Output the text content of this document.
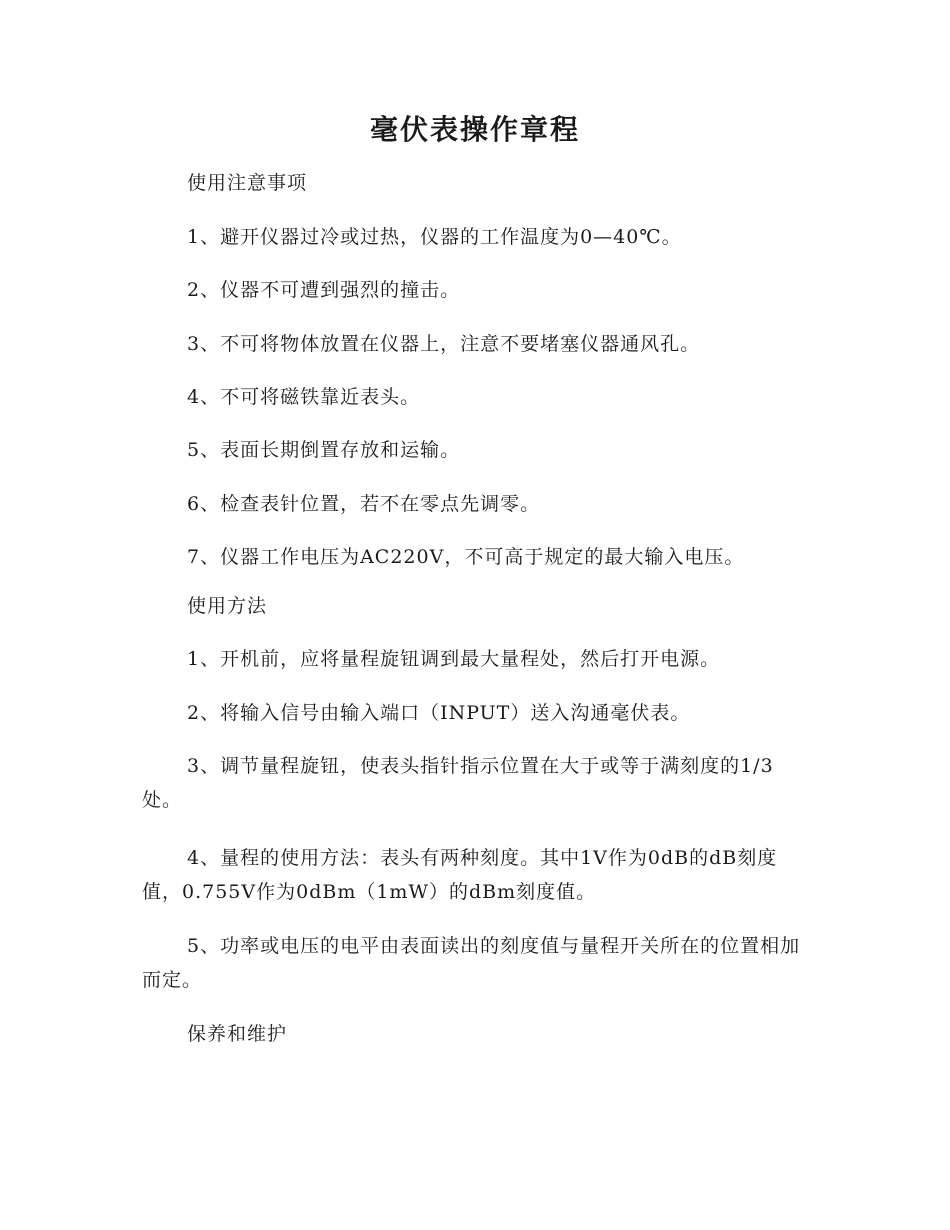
毫伏表操作章程

使用注意事项

1、避开仪器过冷或过热，仪器的工作温度为0—40℃。

2、仪器不可遭到强烈的撞击。

3、不可将物体放置在仪器上，注意不要堵塞仪器通风孔。

4、不可将磁铁靠近表头。

5、表面长期倒置存放和运输。

6、检查表针位置，若不在零点先调零。

7、仪器工作电压为AC220V，不可高于规定的最大输入电压。

使用方法

1、开机前，应将量程旋钮调到最大量程处，然后打开电源。

2、将输入信号由输入端口（INPUT）送入沟通毫伏表。

3、调节量程旋钮，使表头指针指示位置在大于或等于满刻度的1/3处。

4、量程的使用方法：表头有两种刻度。其中1V作为0dB的dB刻度值，0.755V作为0dBm（1mW）的dBm刻度值。

5、功率或电压的电平由表面读出的刻度值与量程开关所在的位置相加而定。

保养和维护
